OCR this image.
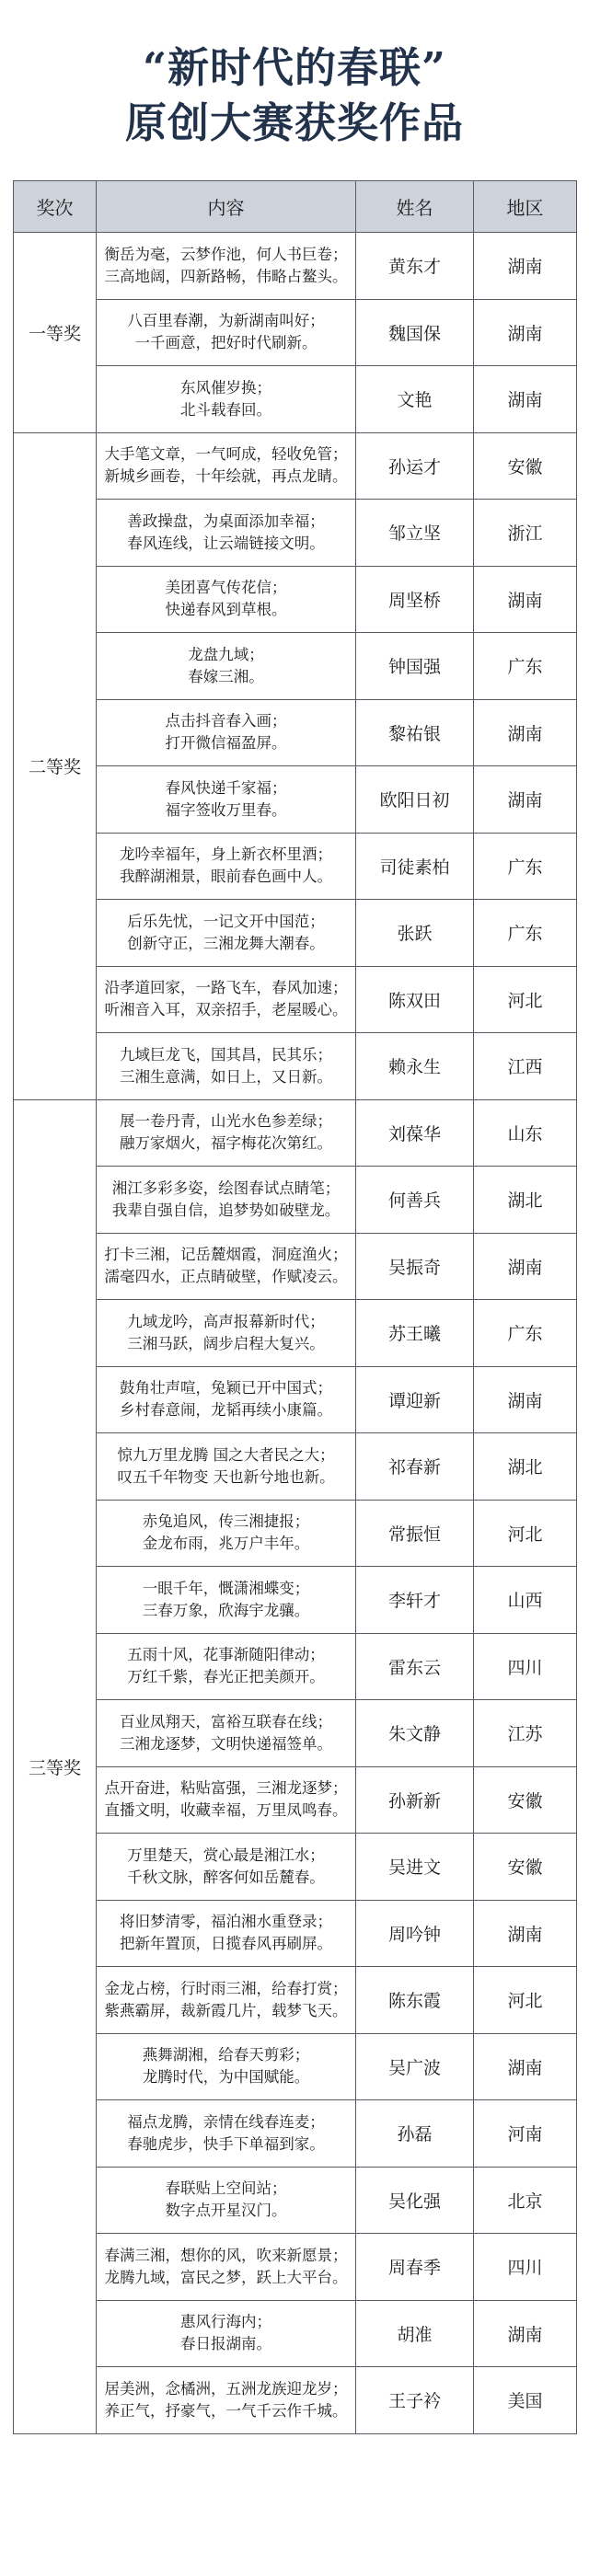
“新时代的春联”
原创大赛获奖作品
奖次	内容	姓名	地区
一等奖	衡岳为毫，云梦作池，何人书巨卷；
三高地阔，四新路畅，伟略占鳌头。	黄东才	湖南

	八百里春潮，为新湖南叫好；
一千画意，把好时代刷新。	魏国保	湖南

	东风催岁换；
北斗载春回。	文艳	湖南
二等奖	大手笔文章，一气呵成，轻收免管；
新城乡画卷，十年绘就，再点龙睛。	孙运才	安徽

	善政操盘，为桌面添加幸福；
春风连线，让云端链接文明。	邹立坚	浙江

	美团喜气传花信；
快递春风到草根。	周坚桥	湖南

	龙盘九域；
春嫁三湘。	钟国强	广东

	点击抖音春入画；
打开微信福盈屏。	黎祐银	湖南

	春风快递千家福；
福字签收万里春。	欧阳日初	湖南

	龙吟幸福年，身上新衣杯里酒；
我醉湖湘景，眼前春色画中人。	司徒素柏	广东

	后乐先忧，一记文开中国范；
创新守正，三湘龙舞大潮春。	张跃	广东

	沿孝道回家，一路飞车，春风加速；
听湘音入耳，双亲招手，老屋暖心。	陈双田	河北

	九域巨龙飞，国其昌，民其乐；
三湘生意满，如日上，又日新。	赖永生	江西
三等奖	展一卷丹青，山光水色参差绿；
融万家烟火，福字梅花次第红。	刘葆华	山东

	湘江多彩多姿，绘图春试点睛笔；
我辈自强自信，追梦势如破壁龙。	何善兵	湖北

	打卡三湘，记岳麓烟霞，洞庭渔火；
濡毫四水，正点睛破壁，作赋凌云。	吴振奇	湖南

	九域龙吟，高声报幕新时代；
三湘马跃，阔步启程大复兴。	苏王曦	广东

	鼓角壮声喧，兔颖已开中国式；
乡村春意闹，龙韬再续小康篇。	谭迎新	湖南

	惊九万里龙腾 国之大者民之大；
叹五千年物变 天也新兮地也新。	祁春新	湖北

	赤兔追风，传三湘捷报；
金龙布雨，兆万户丰年。	常振恒	河北

	一眼千年，慨潇湘蝶变；
三春万象，欣海宇龙骧。	李轩才	山西

	五雨十风，花事渐随阳律动；
万红千紫，春光正把美颜开。	雷东云	四川

	百业凤翔天，富裕互联春在线；
三湘龙逐梦，文明快递福签单。	朱文静	江苏

	点开奋进，粘贴富强，三湘龙逐梦；
直播文明，收藏幸福，万里凤鸣春。	孙新新	安徽

	万里楚天，赏心最是湘江水；
千秋文脉，醉客何如岳麓春。	吴进文	安徽

	将旧梦清零，福泊湘水重登录；
把新年置顶，日揽春风再刷屏。	周吟钟	湖南

	金龙占榜，行时雨三湘，给春打赏；
紫燕霸屏，裁新霞几片，载梦飞天。	陈东霞	河北

	燕舞湖湘，给春天剪彩；
龙腾时代，为中国赋能。	吴广波	湖南

	福点龙腾，亲情在线春连麦；
春驰虎步，快手下单福到家。	孙磊	河南

	春联贴上空间站；
数字点开星汉门。	吴化强	北京

	春满三湘，想你的风，吹来新愿景；
龙腾九域，富民之梦，跃上大平台。	周春季	四川

	惠风行海内；
春日报湖南。	胡准	湖南

	居美洲，念橘洲，五洲龙族迎龙岁；
养正气，抒豪气，一气千云作千城。	王子衿	美国
